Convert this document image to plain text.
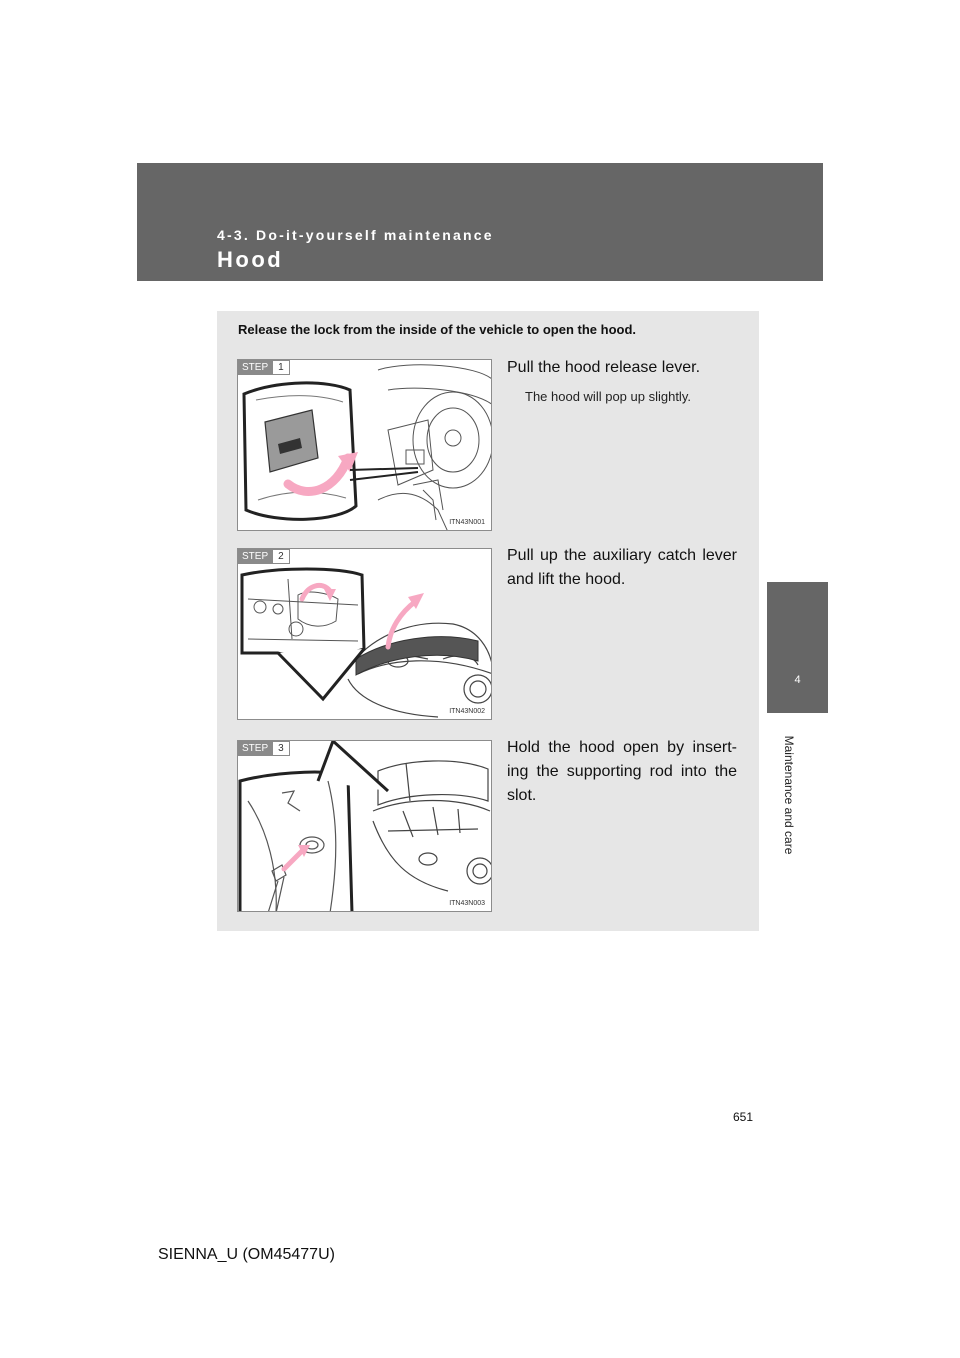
4-3. Do-it-yourself maintenance
Hood
4
Maintenance and care
Release the lock from the inside of the vehicle to open the hood.
STEP	1
ITN43N001
Pull the hood release lever.
The hood will pop up slightly.
STEP	2
ITN43N002
Pull up the auxiliary catch lever and lift the hood.
STEP	3
ITN43N003
Hold the hood open by insert-ing the supporting rod into the slot.
651
SIENNA_U (OM45477U)
